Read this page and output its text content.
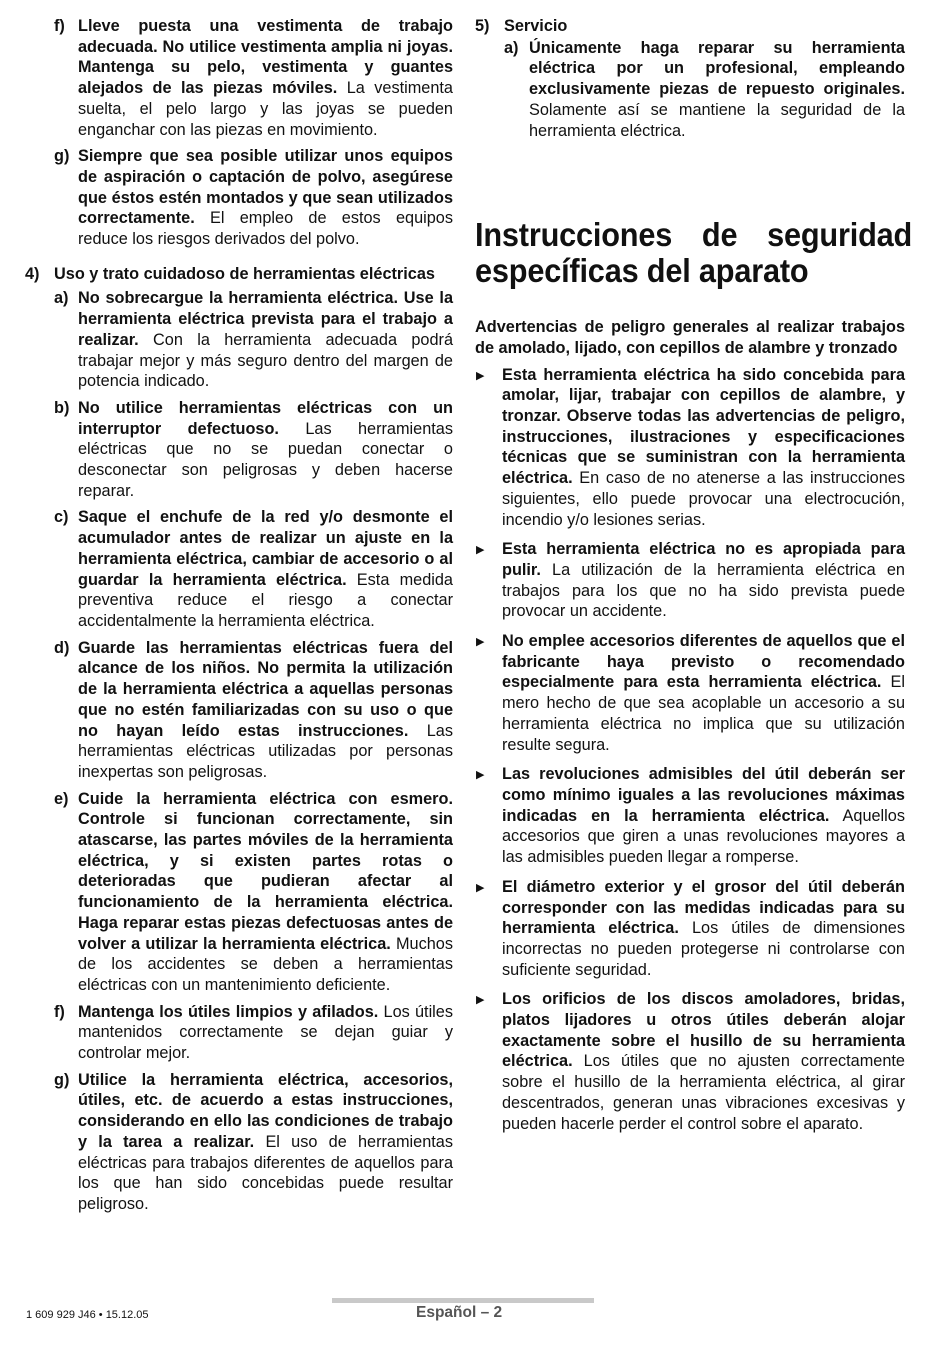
f) Lleve puesta una vestimenta de trabajo adecuada. No utilice vestimenta amplia ni joyas. Mantenga su pelo, vestimenta y guantes alejados de las piezas móviles. La vestimenta suelta, el pelo largo y las joyas se pueden enganchar con las piezas en movimiento.

g) Siempre que sea posible utilizar unos equipos de aspiración o captación de polvo, asegúrese que éstos estén montados y que sean utilizados correctamente. El empleo de estos equipos reduce los riesgos derivados del polvo.

4) Uso y trato cuidadoso de herramientas eléctricas

a) No sobrecargue la herramienta eléctrica. Use la herramienta eléctrica prevista para el trabajo a realizar. Con la herramienta adecuada podrá trabajar mejor y más seguro dentro del margen de potencia indicado.

b) No utilice herramientas eléctricas con un interruptor defectuoso. Las herramientas eléctricas que no se puedan conectar o desconectar son peligrosas y deben hacerse reparar.

c) Saque el enchufe de la red y/o desmonte el acumulador antes de realizar un ajuste en la herramienta eléctrica, cambiar de accesorio o al guardar la herramienta eléctrica. Esta medida preventiva reduce el riesgo a conectar accidentalmente la herramienta eléctrica.

d) Guarde las herramientas eléctricas fuera del alcance de los niños. No permita la utilización de la herramienta eléctrica a aquellas personas que no estén familiarizadas con su uso o que no hayan leído estas instrucciones. Las herramientas eléctricas utilizadas por personas inexpertas son peligrosas.

e) Cuide la herramienta eléctrica con esmero. Controle si funcionan correctamente, sin atascarse, las partes móviles de la herramienta eléctrica, y si existen partes rotas o deterioradas que pudieran afectar al funcionamiento de la herramienta eléctrica. Haga reparar estas piezas defectuosas antes de volver a utilizar la herramienta eléctrica. Muchos de los accidentes se deben a herramientas eléctricas con un mantenimiento deficiente.

f) Mantenga los útiles limpios y afilados. Los útiles mantenidos correctamente se dejan guiar y controlar mejor.

g) Utilice la herramienta eléctrica, accesorios, útiles, etc. de acuerdo a estas instrucciones, considerando en ello las condiciones de trabajo y la tarea a realizar. El uso de herramientas eléctricas para trabajos diferentes de aquellos para los que han sido concebidas puede resultar peligroso.

5) Servicio

a) Únicamente haga reparar su herramienta eléctrica por un profesional, empleando exclusivamente piezas de repuesto originales. Solamente así se mantiene la seguridad de la herramienta eléctrica.

Instrucciones de seguridad específicas del aparato

Advertencias de peligro generales al realizar trabajos de amolado, lijado, con cepillos de alambre y tronzado

▶ Esta herramienta eléctrica ha sido concebida para amolar, lijar, trabajar con cepillos de alambre, y tronzar. Observe todas las advertencias de peligro, instrucciones, ilustraciones y especificaciones técnicas que se suministran con la herramienta eléctrica. En caso de no atenerse a las instrucciones siguientes, ello puede provocar una electrocución, incendio y/o lesiones serias.

▶ Esta herramienta eléctrica no es apropiada para pulir. La utilización de la herramienta eléctrica en trabajos para los que no ha sido prevista puede provocar un accidente.

▶ No emplee accesorios diferentes de aquellos que el fabricante haya previsto o recomendado especialmente para esta herramienta eléctrica. El mero hecho de que sea acoplable un accesorio a su herramienta eléctrica no implica que su utilización resulte segura.

▶ Las revoluciones admisibles del útil deberán ser como mínimo iguales a las revoluciones máximas indicadas en la herramienta eléctrica. Aquellos accesorios que giren a unas revoluciones mayores a las admisibles pueden llegar a romperse.

▶ El diámetro exterior y el grosor del útil deberán corresponder con las medidas indicadas para su herramienta eléctrica. Los útiles de dimensiones incorrectas no pueden protegerse ni controlarse con suficiente seguridad.

▶ Los orificios de los discos amoladores, bridas, platos lijadores u otros útiles deberán alojar exactamente sobre el husillo de su herramienta eléctrica. Los útiles que no ajusten correctamente sobre el husillo de la herramienta eléctrica, al girar descentrados, generan unas vibraciones excesivas y pueden hacerle perder el control sobre el aparato.

1 609 929 J46 • 15.12.05	Español – 2
